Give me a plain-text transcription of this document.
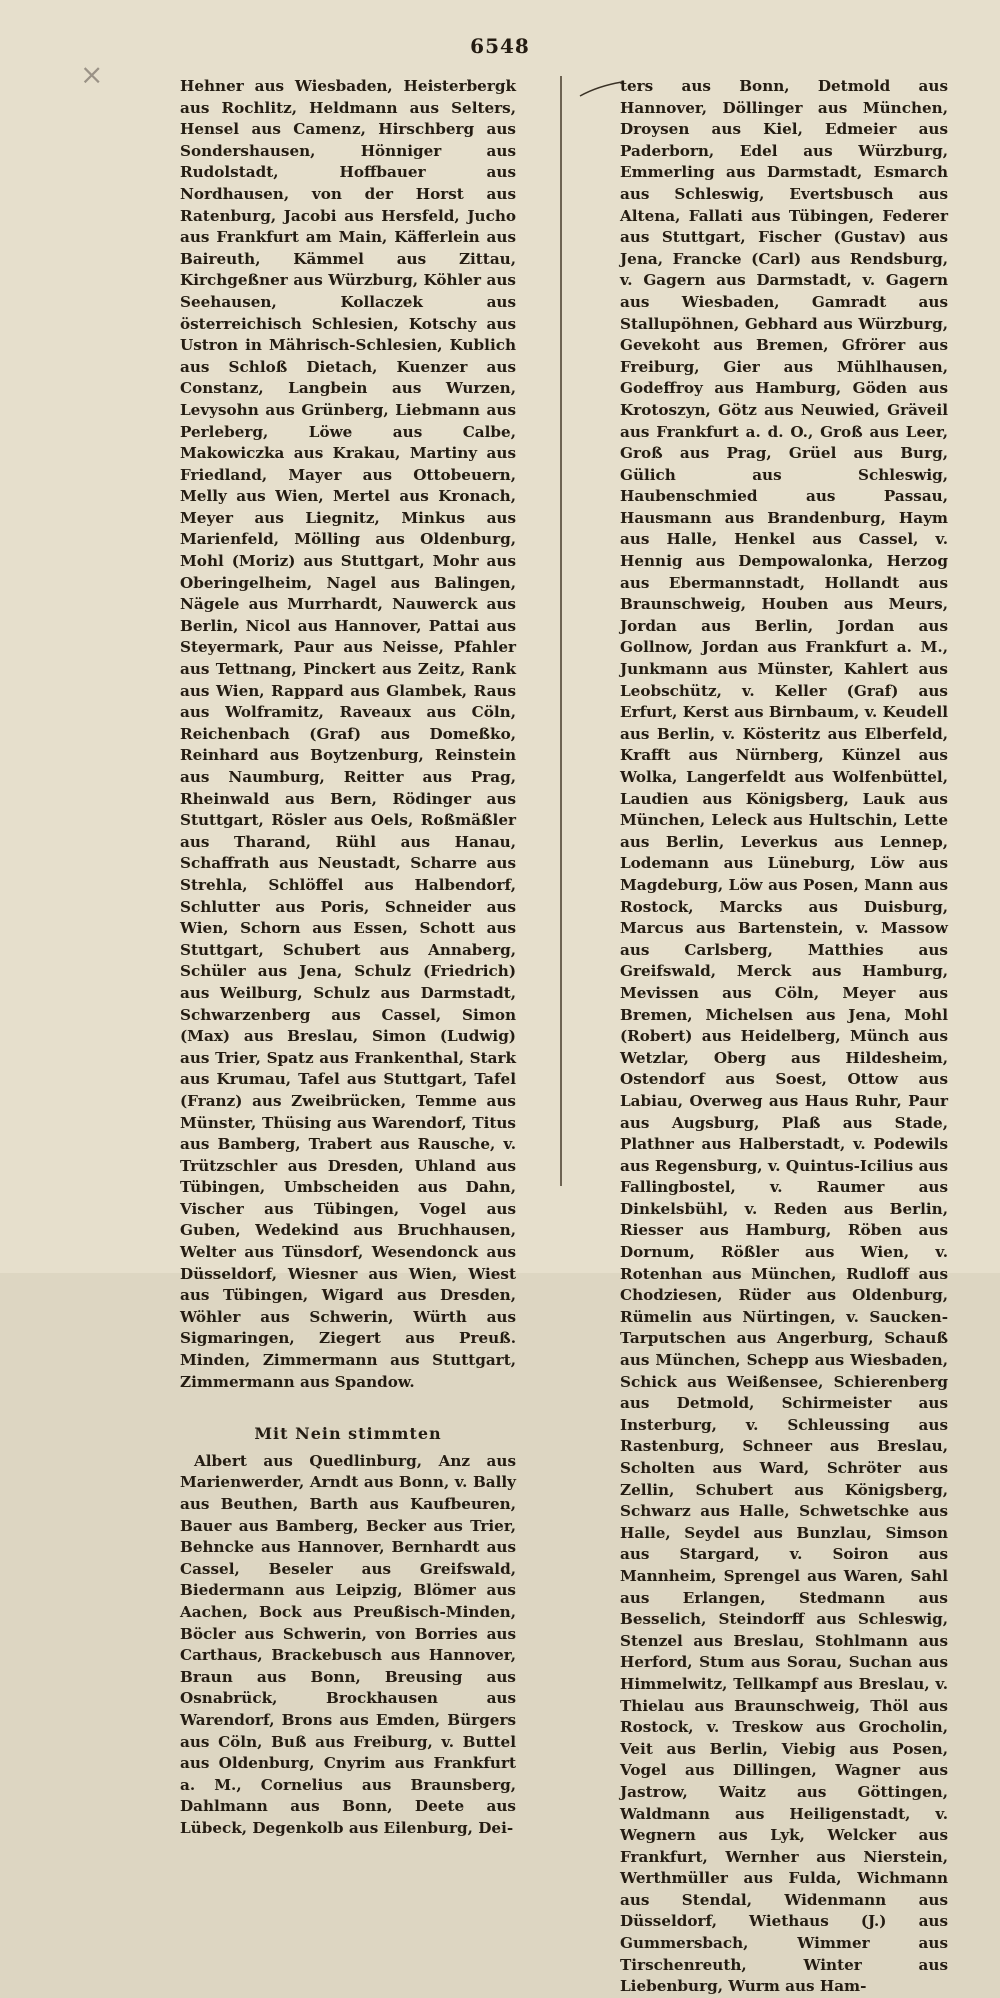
×
6548

Hehner aus Wiesbaden, Heisterbergk aus Rochlitz, Heldmann aus Selters, Hensel aus Camenz, Hirschberg aus Sondershausen, Hönniger aus Rudolstadt, Hoffbauer aus Nordhausen, von der Horst aus Ratenburg, Jacobi aus Hersfeld, Jucho aus Frankfurt am Main, Käfferlein aus Baireuth, Kämmel aus Zittau, Kirchgeßner aus Würzburg, Köhler aus Seehausen, Kollaczek aus österreichisch Schlesien, Kotschy aus Ustron in Mährisch-Schlesien, Kublich aus Schloß Dietach, Kuenzer aus Constanz, Langbein aus Wurzen, Levysohn aus Grünberg, Liebmann aus Perleberg, Löwe aus Calbe, Makowiczka aus Krakau, Martiny aus Friedland, Mayer aus Ottobeuern, Melly aus Wien, Mertel aus Kronach, Meyer aus Liegnitz, Minkus aus Marienfeld, Mölling aus Oldenburg, Mohl (Moriz) aus Stuttgart, Mohr aus Oberingelheim, Nagel aus Balingen, Nägele aus Murrhardt, Nauwerck aus Berlin, Nicol aus Hannover, Pattai aus Steyermark, Paur aus Neisse, Pfahler aus Tettnang, Pinckert aus Zeitz, Rank aus Wien, Rappard aus Glambek, Raus aus Wolframitz, Raveaux aus Cöln, Reichenbach (Graf) aus Domeßko, Reinhard aus Boytzenburg, Reinstein aus Naumburg, Reitter aus Prag, Rheinwald aus Bern, Rödinger aus Stuttgart, Rösler aus Oels, Roßmäßler aus Tharand, Rühl aus Hanau, Schaffrath aus Neustadt, Scharre aus Strehla, Schlöffel aus Halbendorf, Schlutter aus Poris, Schneider aus Wien, Schorn aus Essen, Schott aus Stuttgart, Schubert aus Annaberg, Schüler aus Jena, Schulz (Friedrich) aus Weilburg, Schulz aus Darmstadt, Schwarzenberg aus Cassel, Simon (Max) aus Breslau, Simon (Ludwig) aus Trier, Spatz aus Frankenthal, Stark aus Krumau, Tafel aus Stuttgart, Tafel (Franz) aus Zweibrücken, Temme aus Münster, Thüsing aus Warendorf, Titus aus Bamberg, Trabert aus Rausche, v. Trützschler aus Dresden, Uhland aus Tübingen, Umbscheiden aus Dahn, Vischer aus Tübingen, Vogel aus Guben, Wedekind aus Bruchhausen, Welter aus Tünsdorf, Wesendonck aus Düsseldorf, Wiesner aus Wien, Wiest aus Tübingen, Wigard aus Dresden, Wöhler aus Schwerin, Würth aus Sigmaringen, Ziegert aus Preuß. Minden, Zimmermann aus Stuttgart, Zimmermann aus Spandow.

Mit Nein stimmten

Albert aus Quedlinburg, Anz aus Marienwerder, Arndt aus Bonn, v. Bally aus Beuthen, Barth aus Kaufbeuren, Bauer aus Bamberg, Becker aus Trier, Behncke aus Hannover, Bernhardt aus Cassel, Beseler aus Greifswald, Biedermann aus Leipzig, Blömer aus Aachen, Bock aus Preußisch-Minden, Böcler aus Schwerin, von Borries aus Carthaus, Brackebusch aus Hannover, Braun aus Bonn, Breusing aus Osnabrück, Brockhausen aus Warendorf, Brons aus Emden, Bürgers aus Cöln, Buß aus Freiburg, v. Buttel aus Oldenburg, Cnyrim aus Frankfurt a. M., Cornelius aus Braunsberg, Dahlmann aus Bonn, Deete aus Lübeck, Degenkolb aus Eilenburg, Dei-

ters aus Bonn, Detmold aus Hannover, Döllinger aus München, Droysen aus Kiel, Edmeier aus Paderborn, Edel aus Würzburg, Emmerling aus Darmstadt, Esmarch aus Schleswig, Evertsbusch aus Altena, Fallati aus Tübingen, Federer aus Stuttgart, Fischer (Gustav) aus Jena, Francke (Carl) aus Rendsburg, v. Gagern aus Darmstadt, v. Gagern aus Wiesbaden, Gamradt aus Stallupöhnen, Gebhard aus Würzburg, Gevekoht aus Bremen, Gfrörer aus Freiburg, Gier aus Mühlhausen, Godeffroy aus Hamburg, Göden aus Krotoszyn, Götz aus Neuwied, Gräveil aus Frankfurt a. d. O., Groß aus Leer, Groß aus Prag, Grüel aus Burg, Gülich aus Schleswig, Haubenschmied aus Passau, Hausmann aus Brandenburg, Haym aus Halle, Henkel aus Cassel, v. Hennig aus Dempowalonka, Herzog aus Ebermannstadt, Hollandt aus Braunschweig, Houben aus Meurs, Jordan aus Berlin, Jordan aus Gollnow, Jordan aus Frankfurt a. M., Junkmann aus Münster, Kahlert aus Leobschütz, v. Keller (Graf) aus Erfurt, Kerst aus Birnbaum, v. Keudell aus Berlin, v. Kösteritz aus Elberfeld, Krafft aus Nürnberg, Künzel aus Wolka, Langerfeldt aus Wolfenbüttel, Laudien aus Königsberg, Lauk aus München, Leleck aus Hultschin, Lette aus Berlin, Leverkus aus Lennep, Lodemann aus Lüneburg, Löw aus Magdeburg, Löw aus Posen, Mann aus Rostock, Marcks aus Duisburg, Marcus aus Bartenstein, v. Massow aus Carlsberg, Matthies aus Greifswald, Merck aus Hamburg, Mevissen aus Cöln, Meyer aus Bremen, Michelsen aus Jena, Mohl (Robert) aus Heidelberg, Münch aus Wetzlar, Oberg aus Hildesheim, Ostendorf aus Soest, Ottow aus Labiau, Overweg aus Haus Ruhr, Paur aus Augsburg, Plaß aus Stade, Plathner aus Halberstadt, v. Podewils aus Regensburg, v. Quintus-Icilius aus Fallingbostel, v. Raumer aus Dinkelsbühl, v. Reden aus Berlin, Riesser aus Hamburg, Röben aus Dornum, Rößler aus Wien, v. Rotenhan aus München, Rudloff aus Chodziesen, Rüder aus Oldenburg, Rümelin aus Nürtingen, v. Saucken-Tarputschen aus Angerburg, Schauß aus München, Schepp aus Wiesbaden, Schick aus Weißensee, Schierenberg aus Detmold, Schirmeister aus Insterburg, v. Schleussing aus Rastenburg, Schneer aus Breslau, Scholten aus Ward, Schröter aus Zellin, Schubert aus Königsberg, Schwarz aus Halle, Schwetschke aus Halle, Seydel aus Bunzlau, Simson aus Stargard, v. Soiron aus Mannheim, Sprengel aus Waren, Sahl aus Erlangen, Stedmann aus Besselich, Steindorff aus Schleswig, Stenzel aus Breslau, Stohlmann aus Herford, Stum aus Sorau, Suchan aus Himmelwitz, Tellkampf aus Breslau, v. Thielau aus Braunschweig, Thöl aus Rostock, v. Treskow aus Grocholin, Veit aus Berlin, Viebig aus Posen, Vogel aus Dillingen, Wagner aus Jastrow, Waitz aus Göttingen, Waldmann aus Heiligenstadt, v. Wegnern aus Lyk, Welcker aus Frankfurt, Wernher aus Nierstein, Werthmüller aus Fulda, Wichmann aus Stendal, Widenmann aus Düsseldorf, Wiethaus (J.) aus Gummersbach, Wimmer aus Tirschenreuth, Winter aus Liebenburg, Wurm aus Ham-
